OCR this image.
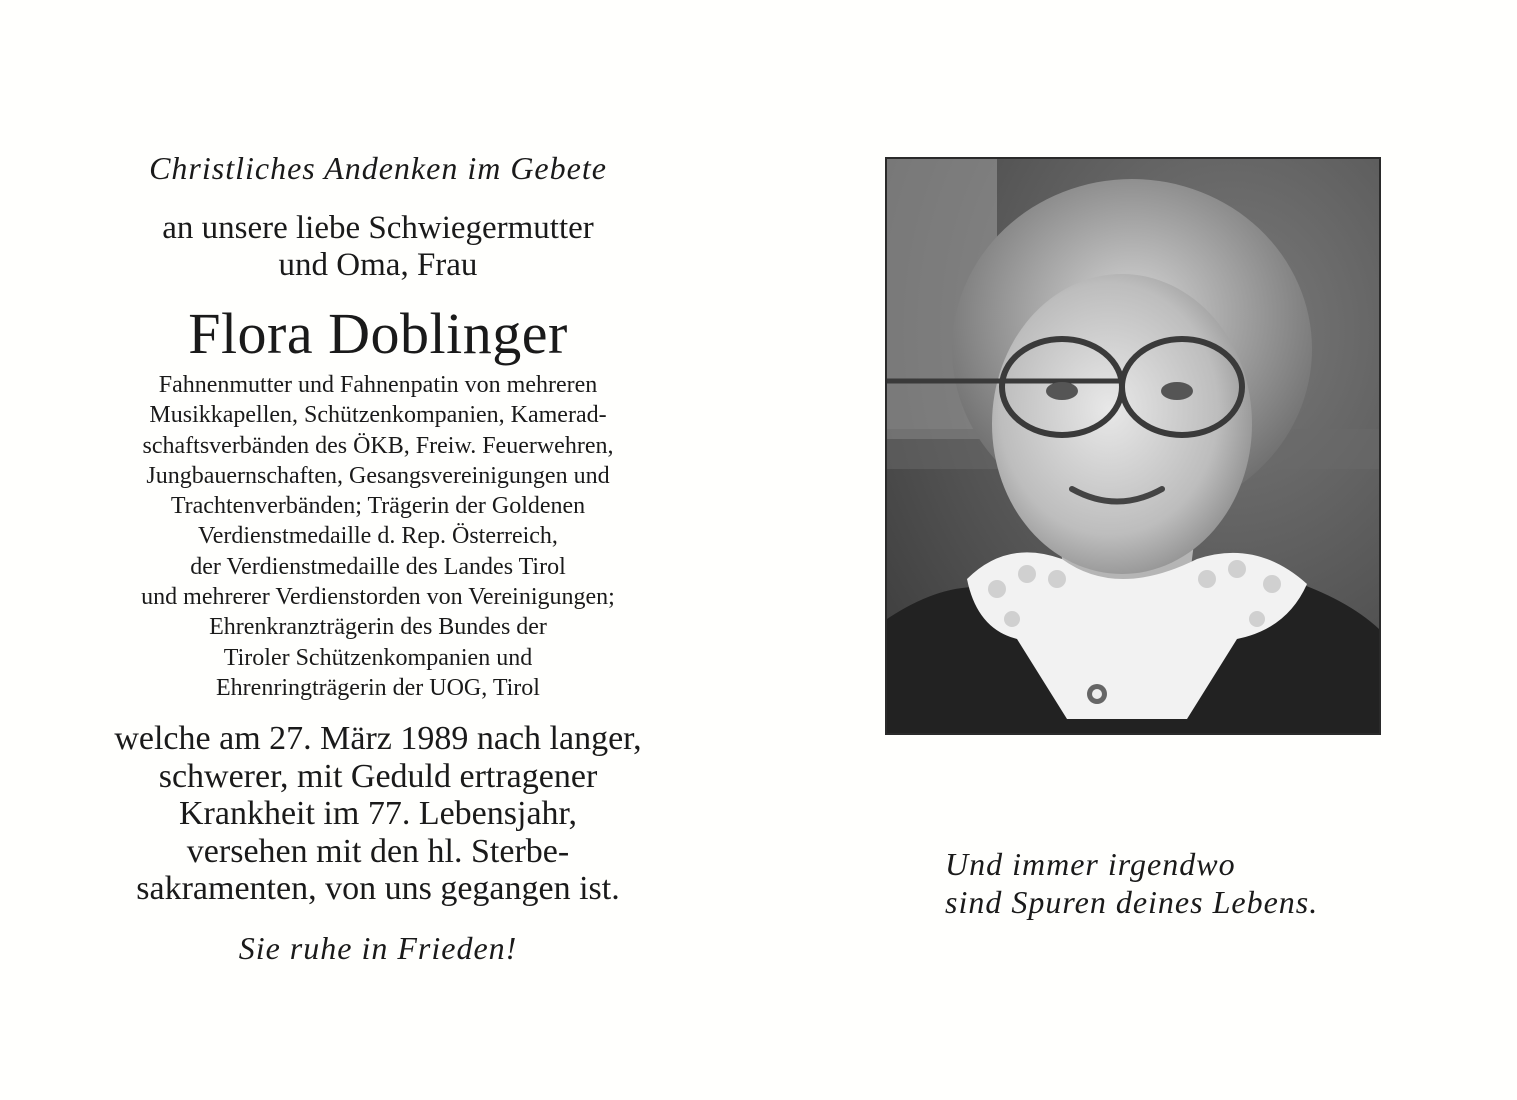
Christliches Andenken im Gebete
an unsere liebe Schwiegermutter
und Oma, Frau
Flora Doblinger
Fahnenmutter und Fahnenpatin von mehreren
Musikkapellen, Schützenkompanien, Kamerad-
schaftsverbänden des ÖKB, Freiw. Feuerwehren,
Jungbauernschaften, Gesangsvereinigungen und
Trachtenverbänden; Trägerin der Goldenen
Verdienstmedaille d. Rep. Österreich,
der Verdienstmedaille des Landes Tirol
und mehrerer Verdienstorden von Vereinigungen;
Ehrenkranzträgerin des Bundes der
Tiroler Schützenkompanien und
Ehrenringträgerin der UOG, Tirol
welche am 27. März 1989 nach langer,
schwerer, mit Geduld ertragener
Krankheit im 77. Lebensjahr,
versehen mit den hl. Sterbe-
sakramenten, von uns gegangen ist.
Sie ruhe in Frieden!
Und immer irgendwo
sind Spuren deines Lebens.
